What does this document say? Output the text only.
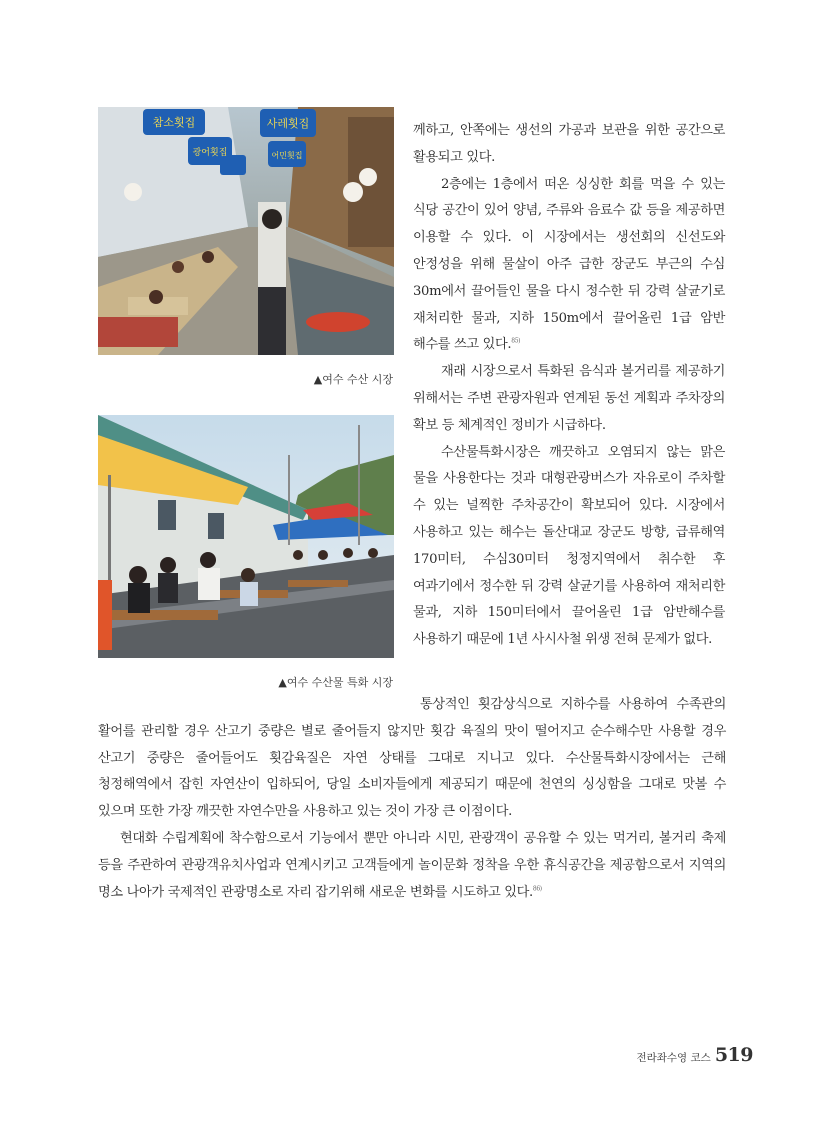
참소횟집	사레횟집
광어횟집	어민횟집
▲여수 수산 시장
▲여수 수산물 특화 시장

께하고, 안쪽에는 생선의 가공과 보관을 위한 공간으로 활용되고 있다.

2층에는 1층에서 떠온 싱싱한 회를 먹을 수 있는 식당 공간이 있어 양념, 주류와 음료수 값 등을 제공하면 이용할 수 있다. 이 시장에서는 생선회의 신선도와 안정성을 위해 물살이 아주 급한 장군도 부근의 수심 30m에서 끌어들인 물을 다시 정수한 뒤 강력 살균기로 재처리한 물과, 지하 150m에서 끌어올린 1급 암반 해수를 쓰고 있다.$^{85)}$

재래 시장으로서 특화된 음식과 볼거리를 제공하기 위해서는 주변 관광자원과 연계된 동선 계획과 주차장의 확보 등 체계적인 정비가 시급하다.

수산물특화시장은 깨끗하고 오염되지 않는 맑은 물을 사용한다는 것과 대형관광버스가 자유로이 주차할 수 있는 널찍한 주차공간이 확보되어 있다. 시장에서 사용하고 있는 해수는 돌산대교 장군도 방향, 급류해역 170미터, 수심30미터 청정지역에서 취수한 후 여과기에서 정수한 뒤 강력 살균기를 사용하여 재처리한 물과, 지하 150미터에서 끌어올린 1급 암반해수를 사용하기 때문에 1년 사시사철 위생 전혀 문제가 없다.

통상적인 횟감상식으로 지하수를 사용하여 수족관의 활어를 관리할 경우 산고기 중량은 별로 줄어들지 않지만 횟감 육질의 맛이 떨어지고 순수해수만 사용할 경우 산고기 중량은 줄어들어도 횟감육질은 자연 상태를 그대로 지니고 있다. 수산물특화시장에서는 근해 청정해역에서 잡힌 자연산이 입하되어, 당일 소비자들에게 제공되기 때문에 천연의 싱싱함을 그대로 맛볼 수 있으며 또한 가장 깨끗한 자연수만을 사용하고 있는 것이 가장 큰 이점이다.

현대화 수립계획에 착수함으로서 기능에서 뿐만 아니라 시민, 관광객이 공유할 수 있는 먹거리, 볼거리 축제 등을 주관하여 관광객유치사업과 연계시키고 고객들에게 놀이문화 정착을 우한 휴식공간을 제공함으로서 지역의 명소 나아가 국제적인 관광명소로 자리 잡기위해 새로운 변화를 시도하고 있다.$^{86)}$

전라좌수영 코스 519
